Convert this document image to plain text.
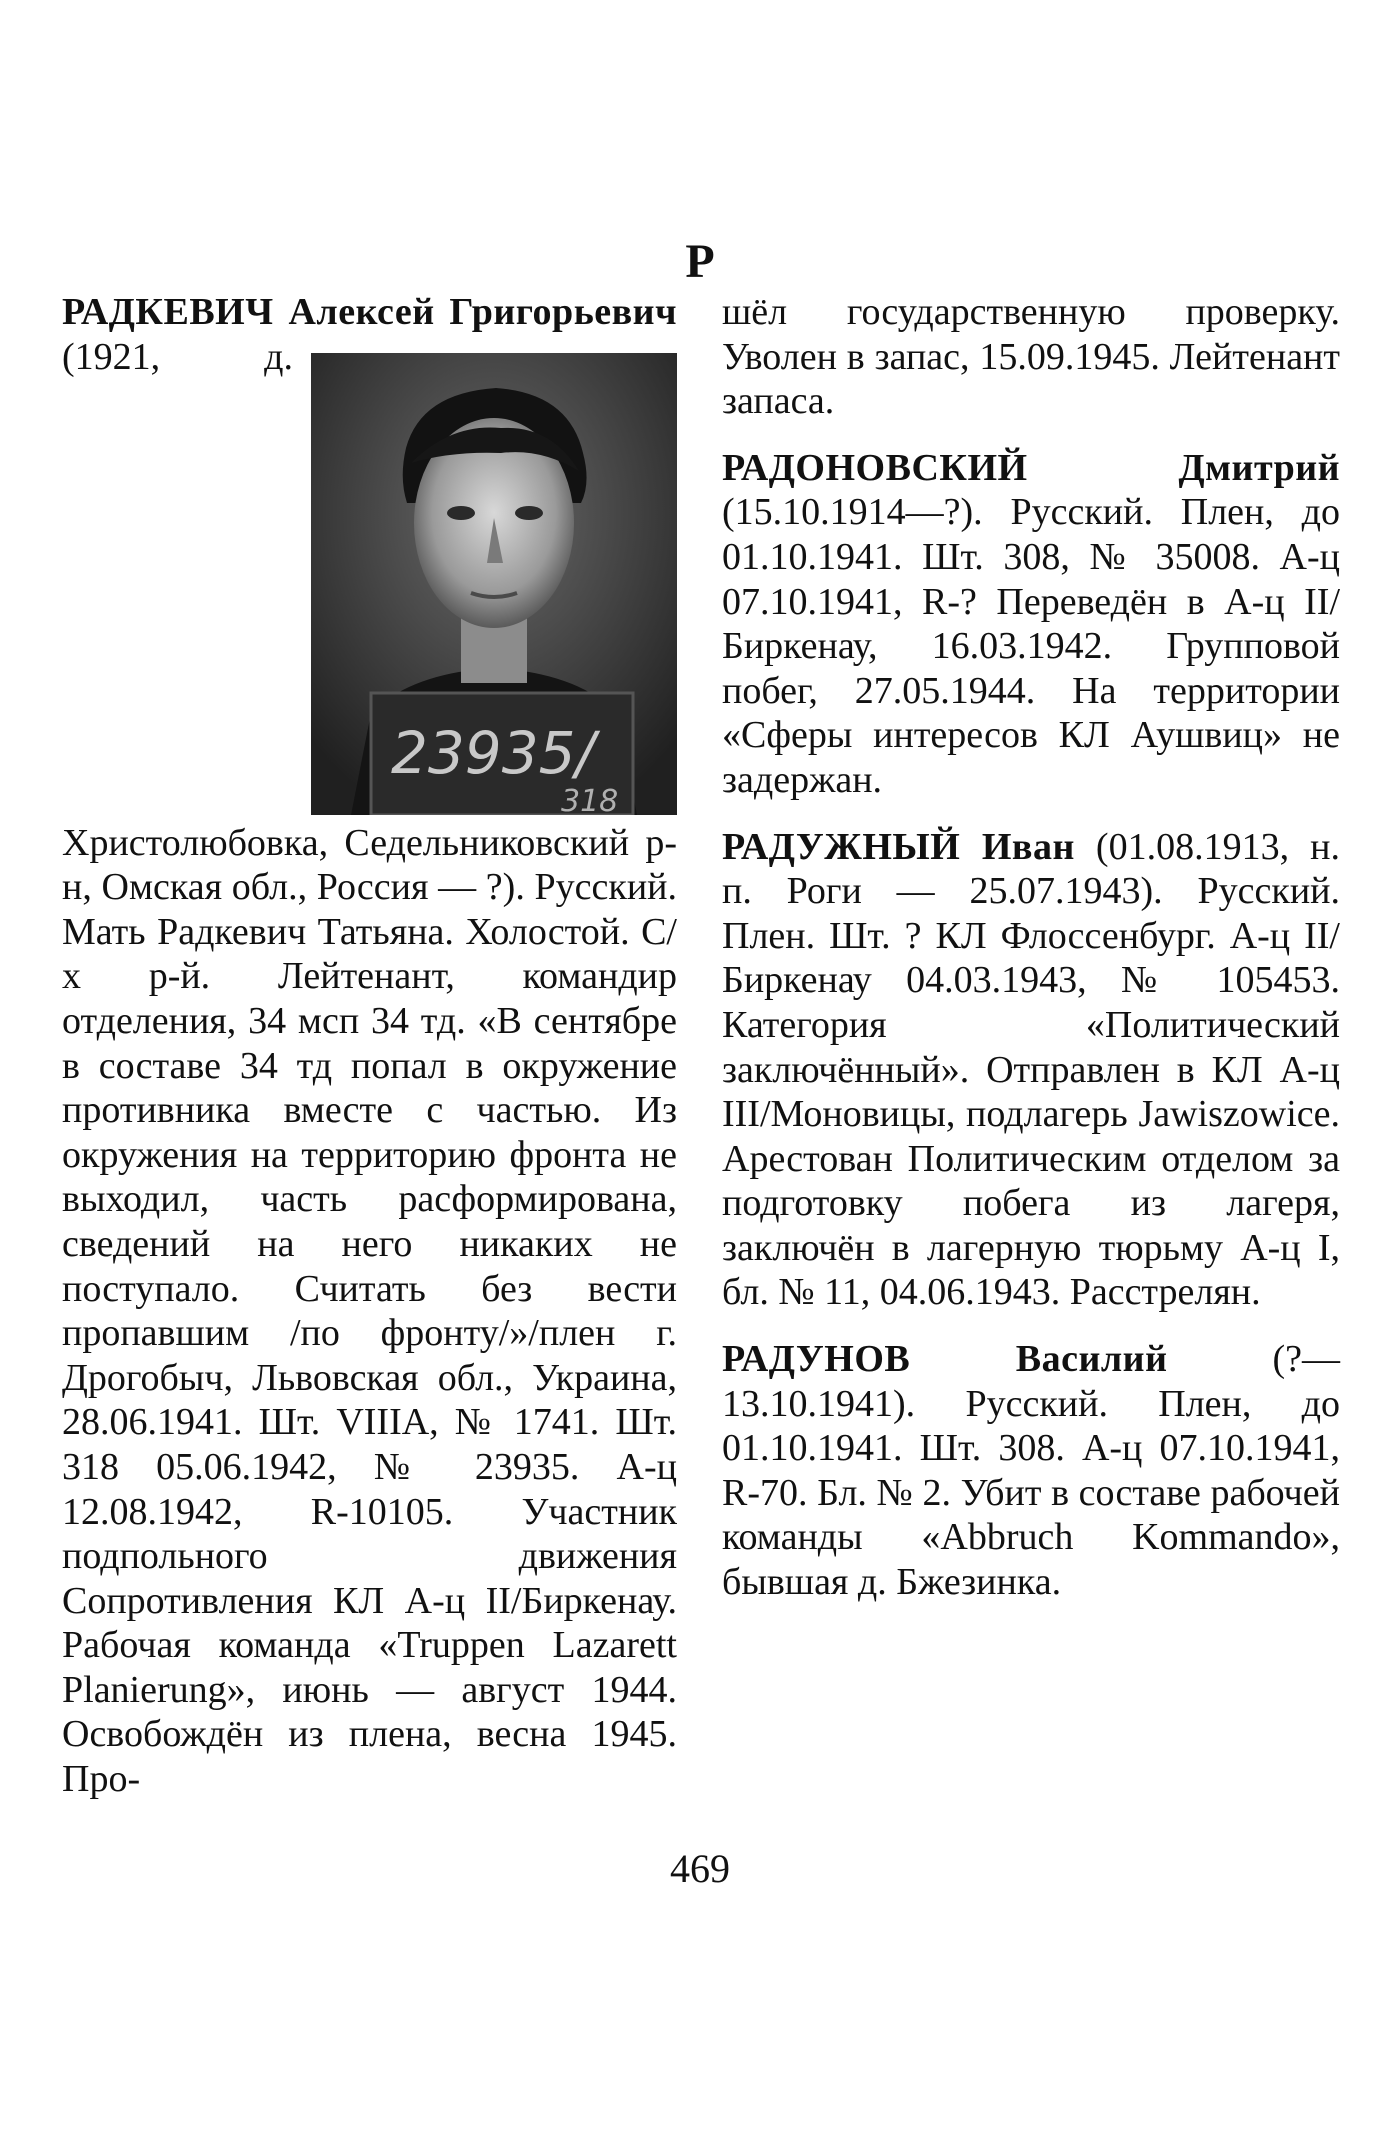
Р

РАДКЕВИЧ Алексей Григорьевич
23935/
318
(1921, д. Христолюбовка, Седельниковский р-н, Омская обл., Россия — ?). Русский. Мать Радкевич Татьяна. Холостой. С/х р-й. Лейтенант, командир отделения, 34 мсп 34 тд. «В сентябре в составе 34 тд попал в окружение противника вместе с частью. Из окружения на территорию фронта не выходил, часть расформирована, сведений на него никаких не поступало. Считать без вести пропавшим /по фронту/»/плен г. Дрогобыч, Львовская обл., Украина, 28.06.1941. Шт. VIIIA, № 1741. Шт. 318 05.06.1942, № 23935. А-ц 12.08.1942, R-10105. Участник подпольного движения Сопротивления КЛ А-ц II/Биркенау. Рабочая команда «Truppen Lazarett Planierung», июнь — август 1944. Освобождён из плена, весна 1945. Про-

шёл государственную проверку. Уволен в запас, 15.09.1945. Лейтенант запаса.

РАДОНОВСКИЙ Дмитрий (15.10.1914—?). Русский. Плен, до 01.10.1941. Шт. 308, № 35008. А-ц 07.10.1941, R-? Переведён в А-ц II/Биркенау, 16.03.1942. Групповой побег, 27.05.1944. На территории «Сферы интересов КЛ Аушвиц» не задержан.

РАДУЖНЫЙ Иван (01.08.1913, н. п. Роги — 25.07.1943). Русский. Плен. Шт. ? КЛ Флоссенбург. А-ц II/Биркенау 04.03.1943, № 105453. Категория «Политический заключённый». Отправлен в КЛ А-ц III/Моновицы, подлагерь Jawiszowice. Арестован Политическим отделом за подготовку побега из лагеря, заключён в лагерную тюрьму А-ц I, бл. № 11, 04.06.1943. Расстрелян.

РАДУНОВ Василий (?—13.10.1941). Русский. Плен, до 01.10.1941. Шт. 308. А-ц 07.10.1941, R-70. Бл. № 2. Убит в составе рабочей команды «Abbruch Kommando», бывшая д. Бжезинка.

469
